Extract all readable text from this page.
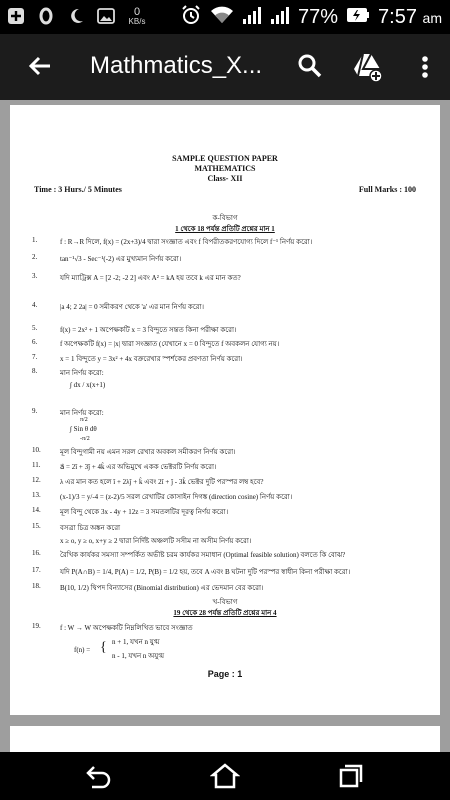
0
KB/s	77% 7:57 am
Mathmatics_X...
SAMPLE QUESTION PAPER
MATHEMATICS
Class- XII
Time : 3 Hurs./ 5 Minutes	Full Marks : 100
ক-বিভাগ
1 থেকে 18 পর্যন্ত প্রতিটি প্রশ্নের মান 1
1.	f : R→R দিলে, f(x) = (2x+3)/4 দ্বারা সংজ্ঞাত এবং f বিপরীতকরণযোগ্য দিলে f⁻¹ নির্ণয় করো।
2.	tan⁻¹√3 - Sec⁻¹(-2) এর মুখ্যমান নির্ণয় করো।
3.	যদি ম্যাট্রিক্স A = [2 -2; -2 2] এবং A² = kA হয় তবে k এর মান কত?
4.	|a 4; 2 2a| = 0 সমীকরণ থেকে 'a' এর মান নির্ণয় করো।
5.	f(x) = 2x² + 1 অপেক্ষকটি x = 3 বিন্দুতে সন্তত কিনা পরীক্ষা করো।
6.	f অপেক্ষকটি f(x) = |x| দ্বারা সংজ্ঞাত (যেখানে x = 0 বিন্দুতে f অবকলন যোগ্য নয়।
7.	x = 1 বিন্দুতে y = 3x² + 4x বক্ররেখার স্পর্শকের প্রবণতা নির্ণয় করো।
8.	মান নির্ণয় করো:
∫ dx / x(x+1)
9.	মান নির্ণয় করো:
π/2
∫ Sin θ dθ
-π/2
10.	মূল বিন্দুগামী নয় এমন সরল রেখার অবকল সমীকরণ নির্ণয় করো।
11.	a⃗ = 2î + 3ĵ + 4k̂ এর অভিমুখে একক ভেক্টরটি নির্ণয় করো।
12.	λ এর মান কত হলে î + 2λĵ + k̂ এবং 2î + ĵ - 3k̂ ভেক্টর দুটি পরস্পর লম্ব হবে?
13.	(x-1)/3 = y/-4 = (z-2)/5 সরল রেখাটির কোসাইন দিগঙ্ক (direction cosine) নির্ণয় করো।
14.	মূল বিন্দু থেকে 3x - 4y + 12z = 3 সমতলটির দূরত্ব নির্ণয় করো।
15.	বসত্রা চিত্র অঙ্কন করো
x ≥ o, y ≥ o, x+y ≥ 2 দ্বারা নির্দিষ্ট অঞ্চলটি সসীম না অসীম নির্ণয় করো।
16.	রৈখিক কার্যকর সমস্যা সম্পর্কিত অভীষ্ট চরম কার্যকর সমাধান (Optimal feasible solution) বলতে কি বোঝ?
17.	যদি P(A∩B) = 1/4, P(A) = 1/2, P(B) = 1/2 হয়, তবে A এবং B ঘটনা দুটি পরস্পর স্বাধীন কিনা পরীক্ষা করো।
18.	B(10, 1/2) দ্বিপদ বিন্যাসের (Binomial distribution) এর ভেদমান বের করো।
খ-বিভাগ
19 থেকে 28 পর্যন্ত প্রতিটি প্রশ্নের মান 4
19.	f : W → W অপেক্ষকটি নিম্নলিখিত ভাবে সংজ্ঞাত
f(n) = { n + 1, যখন n যুগ্ম
n - 1, যখন n অযুগ্ম
Page : 1
